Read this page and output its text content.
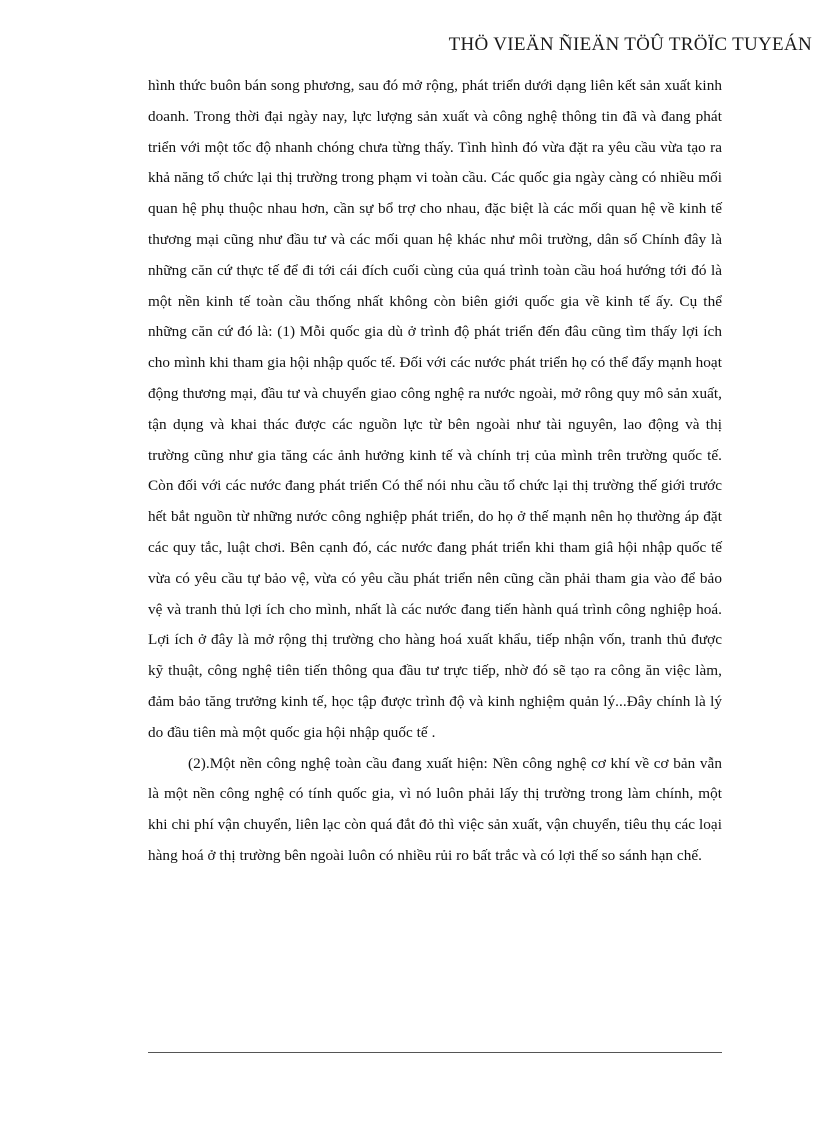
THÖ VIEÄN ÑIEÄN TÖÛ TRÖÏC TUYEÁN

hình thức buôn bán song phương, sau đó mở rộng, phát triển dưới dạng liên kết sản xuất kinh doanh. Trong thời đại ngày nay, lực lượng sản xuất và công nghệ thông tin đã và đang phát triển với một tốc độ nhanh chóng chưa từng thấy. Tình hình đó vừa đặt ra yêu cầu vừa tạo ra khả năng tổ chức lại thị trường trong phạm vi toàn cầu. Các quốc gia ngày càng có nhiều mối quan hệ phụ thuộc nhau hơn, cần sự bổ trợ cho nhau, đặc biệt là các mối quan hệ về kinh tế thương mại cũng như đầu tư và các mối quan hệ khác như môi trường, dân số Chính đây là những căn cứ thực tế để đi tới cái đích cuối cùng của quá trình toàn cầu hoá hướng tới đó là một nền kinh tế toàn cầu thống nhất không còn biên giới quốc gia về kinh tế ấy. Cụ thể những căn cứ đó là: (1) Mỗi quốc gia dù ở trình độ phát triển đến đâu cũng tìm thấy lợi ích cho mình khi tham gia hội nhập quốc tế. Đối với các nước phát triển họ có thể đẩy mạnh hoạt động thương mại, đầu tư và chuyển giao công nghệ ra nước ngoài, mở rông quy mô sản xuất, tận dụng và khai thác được các nguồn lực từ bên ngoài như tài nguyên, lao động và thị trường cũng như gia tăng các ảnh hưởng kinh tế và chính trị của mình trên trường quốc tế. Còn đối với các nước đang phát triển Có thể nói nhu cầu tổ chức lại thị trường thế giới trước hết bắt nguồn từ những nước công nghiệp phát triển, do họ ở thế mạnh nên họ thường áp đặt các quy tắc, luật chơi. Bên cạnh đó, các nước đang phát triển khi tham giâ hội nhập quốc tế vừa có yêu cầu tự bảo vệ, vừa có yêu cầu phát triển nên cũng cần phải tham gia vào để bảo vệ và tranh thủ lợi ích cho mình, nhất là các nước đang tiến hành quá trình công nghiệp hoá. Lợi ích ở đây là mở rộng thị trường cho hàng hoá xuất khẩu, tiếp nhận vốn, tranh thủ được kỹ thuật, công nghệ tiên tiến thông qua đầu tư trực tiếp, nhờ đó sẽ tạo ra công ăn việc làm, đảm bảo tăng trưởng kinh tế, học tập được trình độ và kinh nghiệm quản lý...Đây chính là lý do đầu tiên mà một quốc gia hội nhập quốc tế .

(2).Một nền công nghệ toàn cầu đang xuất hiện: Nền công nghệ cơ khí về cơ bản vẫn là một nền công nghệ có tính quốc gia, vì nó luôn phải lấy thị trường trong làm chính, một khi chi phí vận chuyển, liên lạc còn quá đắt đỏ thì việc sản xuất, vận chuyển, tiêu thụ các loại hàng hoá ở thị trường bên ngoài luôn có nhiều rủi ro bất trắc và có lợi thế so sánh hạn chế.
